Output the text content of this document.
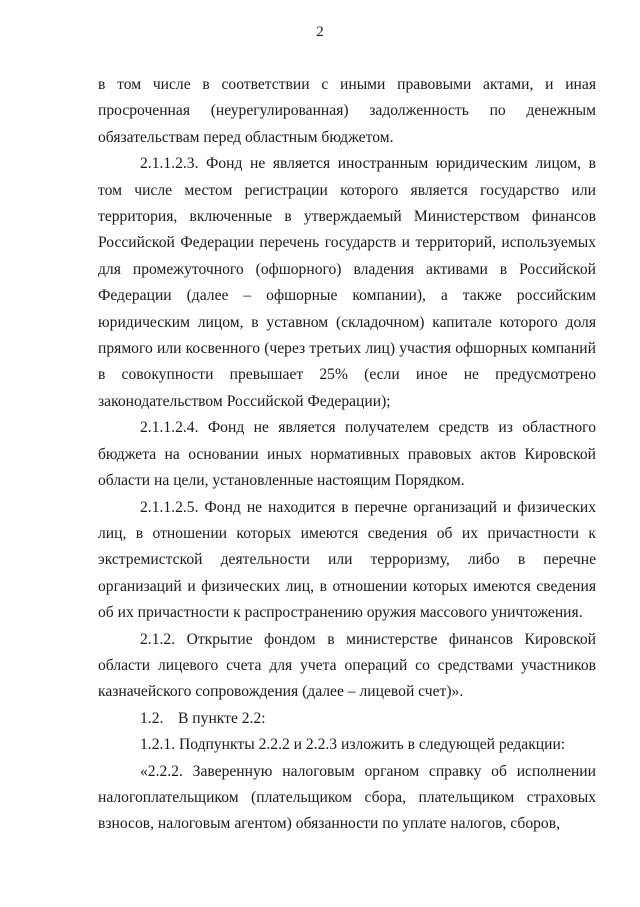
2

в том числе в соответствии с иными правовыми актами, и иная просроченная (неурегулированная) задолженность по денежным обязательствам перед областным бюджетом.

2.1.1.2.3. Фонд не является иностранным юридическим лицом, в том числе местом регистрации которого является государство или территория, включенные в утверждаемый Министерством финансов Российской Федерации перечень государств и территорий, используемых для промежуточного (офшорного) владения активами в Российской Федерации (далее – офшорные компании), а также российским юридическим лицом, в уставном (складочном) капитале которого доля прямого или косвенного (через третьих лиц) участия офшорных компаний в совокупности превышает 25% (если иное не предусмотрено законодательством Российской Федерации);

2.1.1.2.4. Фонд не является получателем средств из областного бюджета на основании иных нормативных правовых актов Кировской области на цели, установленные настоящим Порядком.

2.1.1.2.5. Фонд не находится в перечне организаций и физических лиц, в отношении которых имеются сведения об их причастности к экстремистской деятельности или терроризму, либо в перечне организаций и физических лиц, в отношении которых имеются сведения об их причастности к распространению оружия массового уничтожения.

2.1.2. Открытие фондом в министерстве финансов Кировской области лицевого счета для учета операций со средствами участников казначейского сопровождения (далее – лицевой счет)».

1.2. В пункте 2.2:

1.2.1. Подпункты 2.2.2 и 2.2.3 изложить в следующей редакции:

«2.2.2. Заверенную налоговым органом справку об исполнении налогоплательщиком (плательщиком сбора, плательщиком страховых взносов, налоговым агентом) обязанности по уплате налогов, сборов,
